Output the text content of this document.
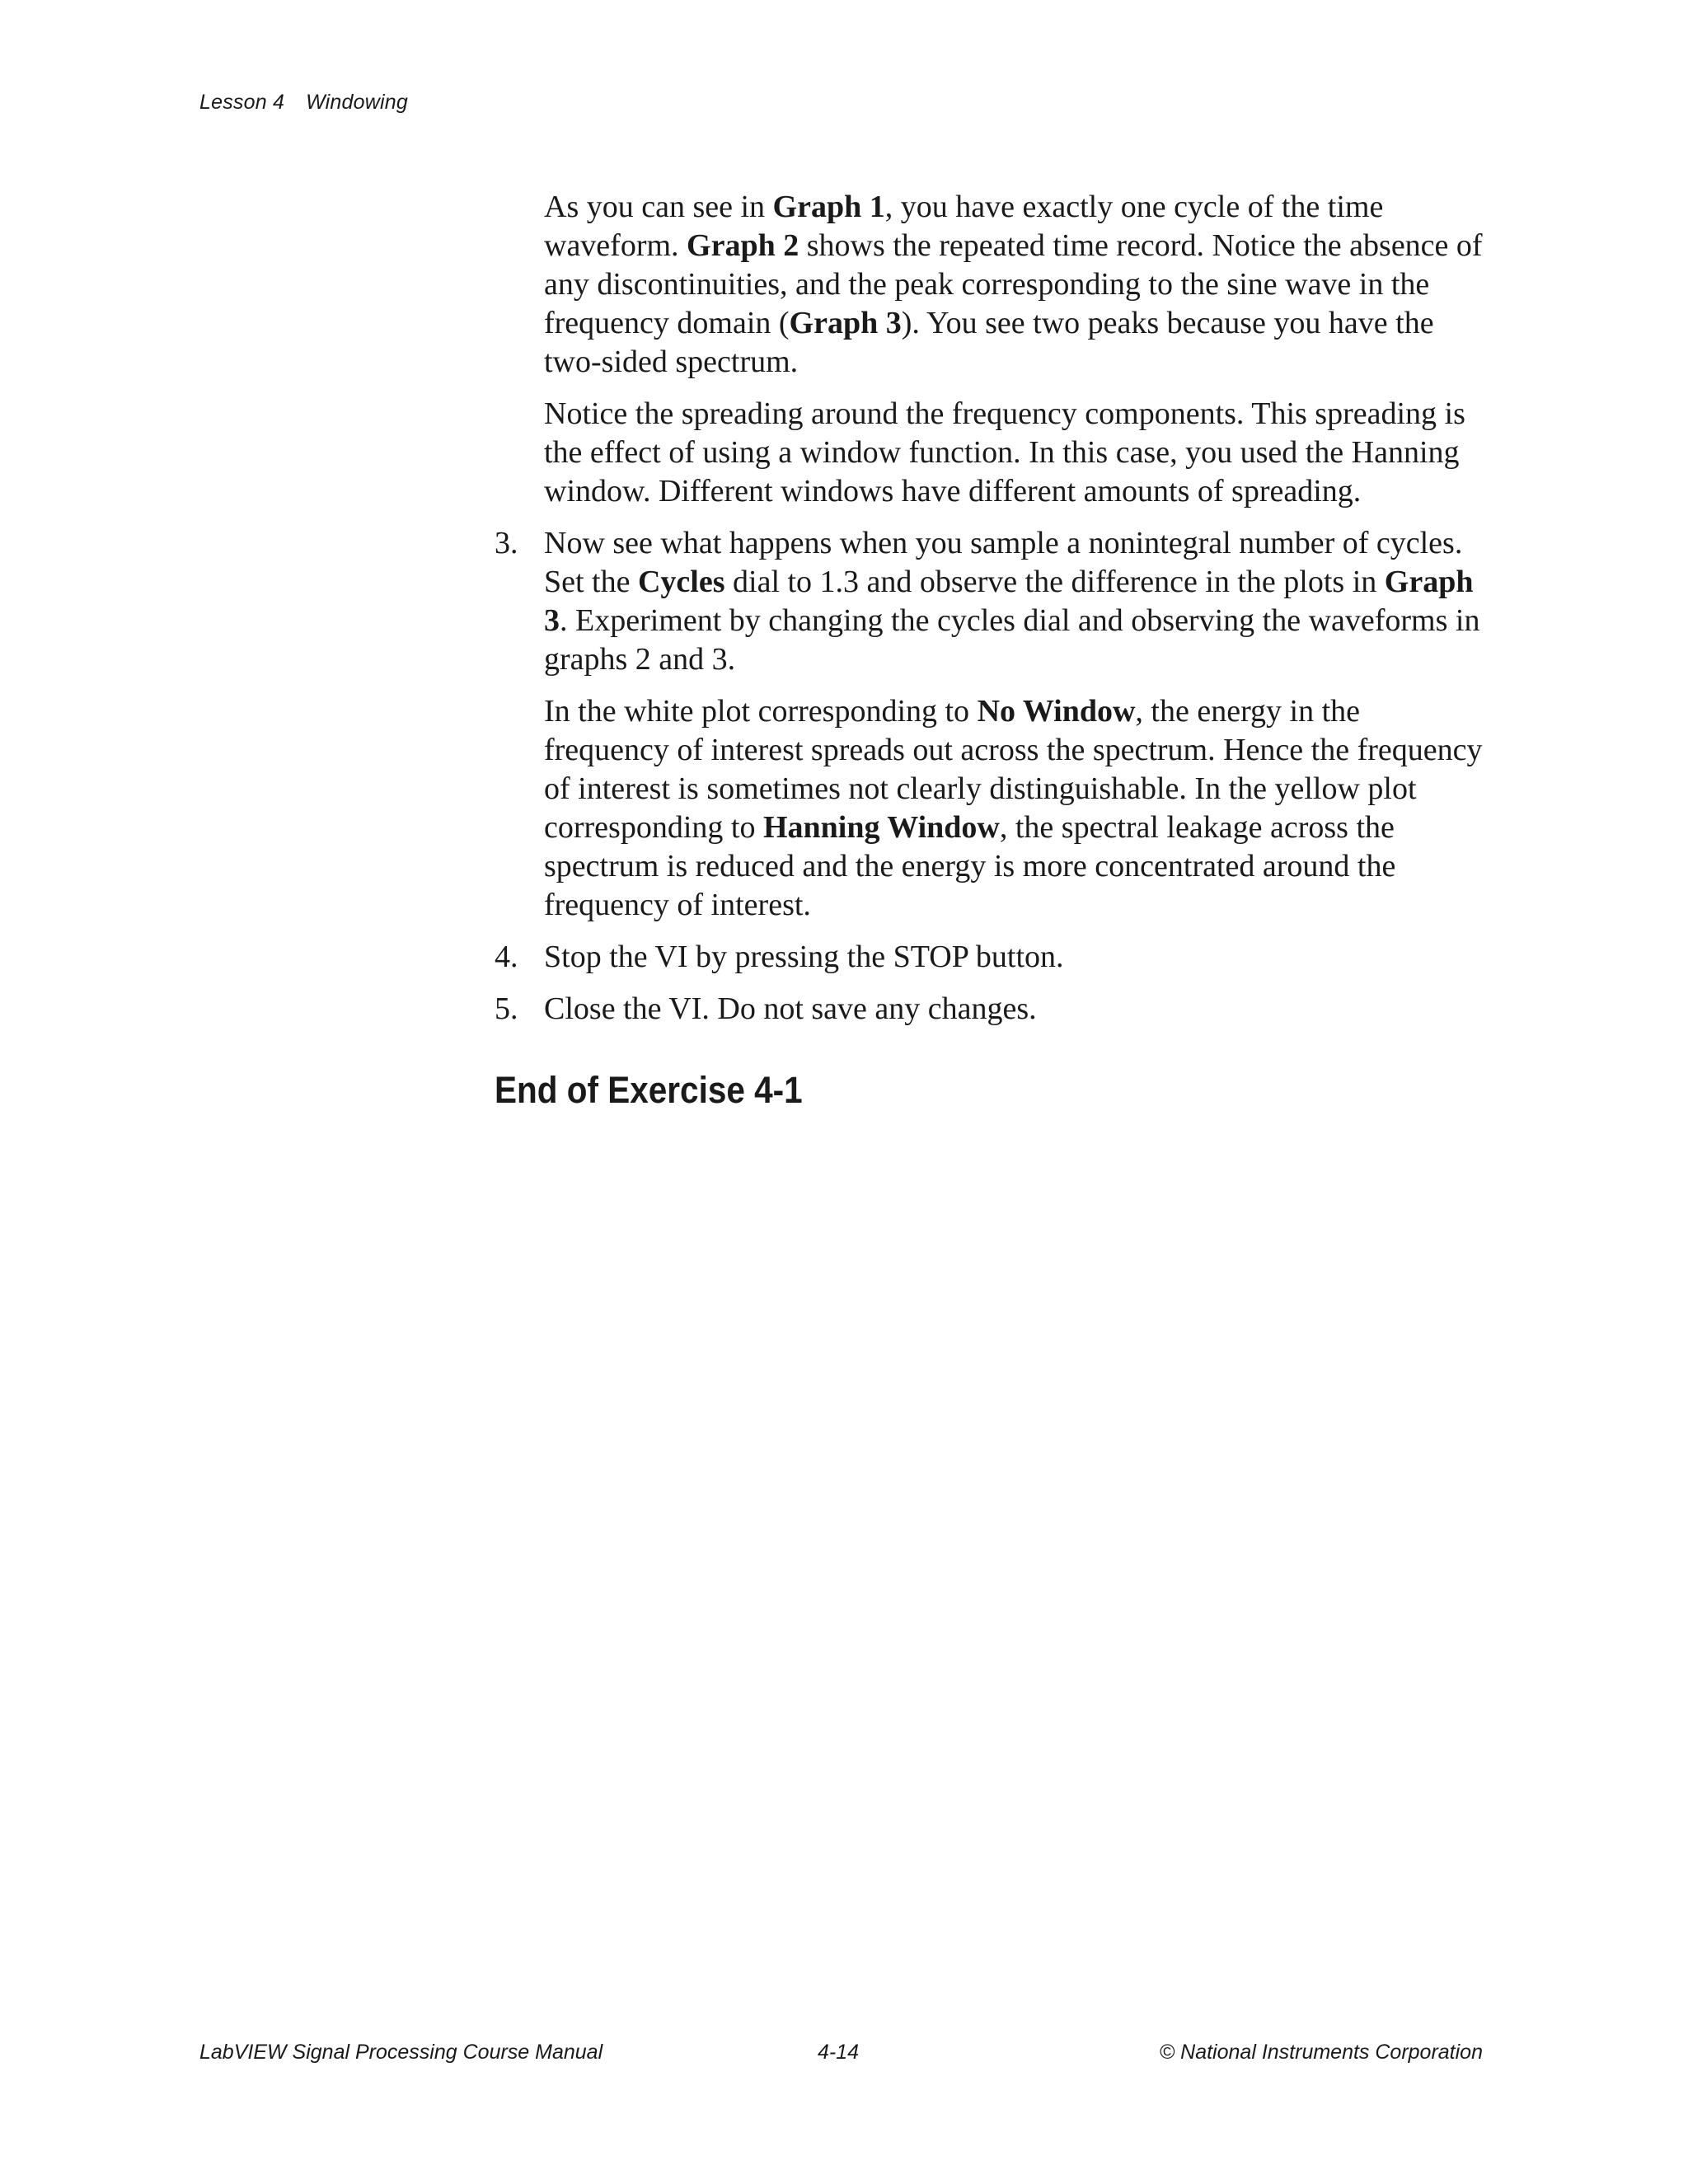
Lesson 4 Windowing

As you can see in Graph 1, you have exactly one cycle of the time waveform. Graph 2 shows the repeated time record. Notice the absence of any discontinuities, and the peak corresponding to the sine wave in the frequency domain (Graph 3). You see two peaks because you have the two-sided spectrum.

Notice the spreading around the frequency components. This spreading is the effect of using a window function. In this case, you used the Hanning window. Different windows have different amounts of spreading.

3. Now see what happens when you sample a nonintegral number of cycles. Set the Cycles dial to 1.3 and observe the difference in the plots in Graph 3. Experiment by changing the cycles dial and observing the waveforms in graphs 2 and 3.

In the white plot corresponding to No Window, the energy in the frequency of interest spreads out across the spectrum. Hence the frequency of interest is sometimes not clearly distinguishable. In the yellow plot corresponding to Hanning Window, the spectral leakage across the spectrum is reduced and the energy is more concentrated around the frequency of interest.

4. Stop the VI by pressing the STOP button.
5. Close the VI. Do not save any changes.
End of Exercise 4-1
LabVIEW Signal Processing Course Manual	4-14	© National Instruments Corporation
